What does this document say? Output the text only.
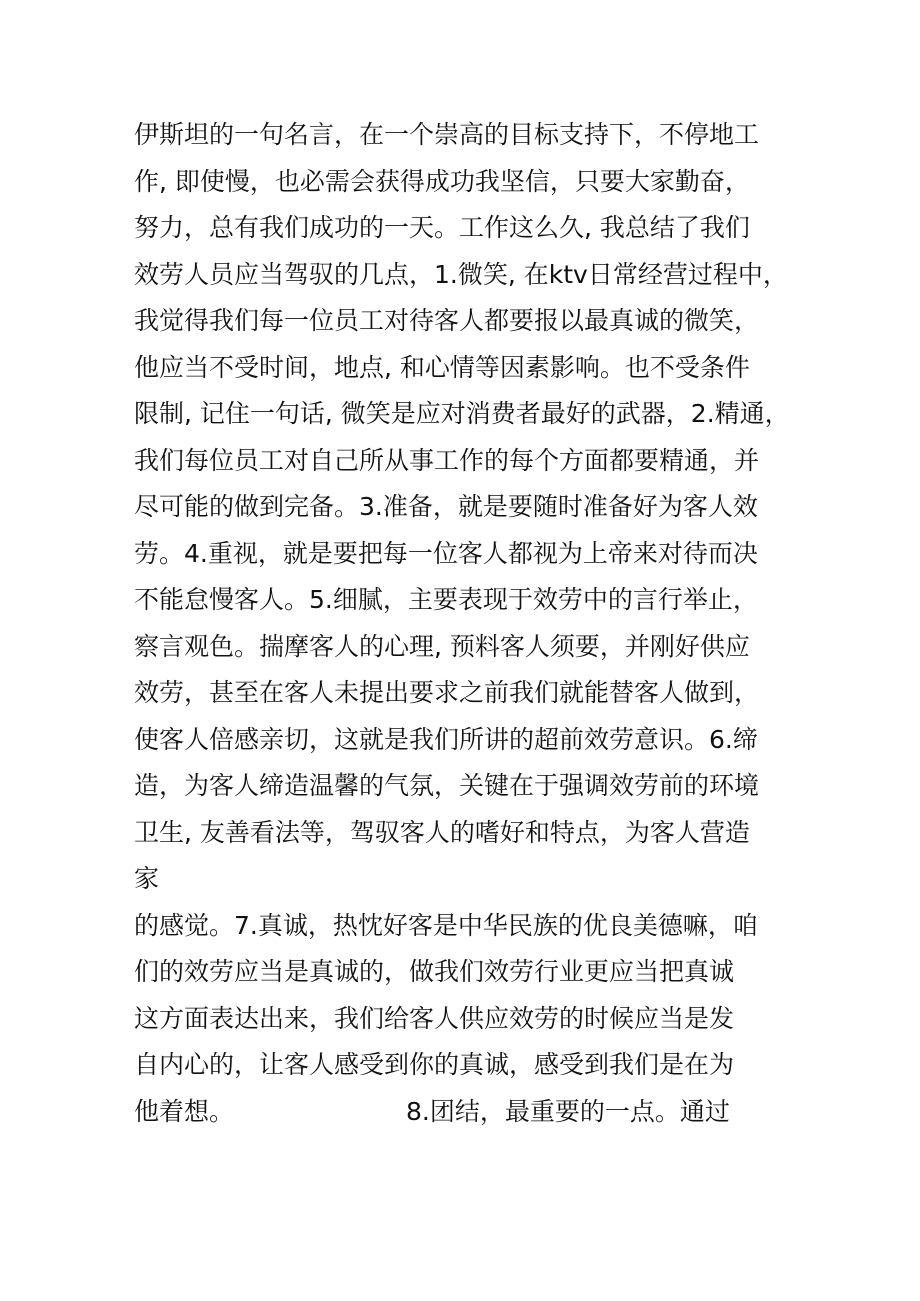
伊斯坦的一句名言，在一个崇高的目标支持下，不停地工
作, 即使慢，也必需会获得成功我坚信，只要大家勤奋，
努力，总有我们成功的一天。工作这么久, 我总结了我们
效劳人员应当驾驭的几点，1.微笑, 在ktv日常经营过程中，
我觉得我们每一位员工对待客人都要报以最真诚的微笑，
他应当不受时间，地点, 和心情等因素影响。也不受条件
限制, 记住一句话, 微笑是应对消费者最好的武器，2.精通，
我们每位员工对自己所从事工作的每个方面都要精通，并
尽可能的做到完备。3.准备，就是要随时准备好为客人效
劳。4.重视，就是要把每一位客人都视为上帝来对待而决
不能怠慢客人。5.细腻，主要表现于效劳中的言行举止，
察言观色。揣摩客人的心理, 预料客人须要，并刚好供应
效劳，甚至在客人未提出要求之前我们就能替客人做到，
使客人倍感亲切，这就是我们所讲的超前效劳意识。6.缔
造，为客人缔造温馨的气氛，关键在于强调效劳前的环境
卫生, 友善看法等，驾驭客人的嗜好和特点，为客人营造
家
的感觉。7.真诚，热忱好客是中华民族的优良美德嘛，咱
们的效劳应当是真诚的，做我们效劳行业更应当把真诚
这方面表达出来，我们给客人供应效劳的时候应当是发
自内心的，让客人感受到你的真诚，感受到我们是在为
他着想。	8.团结，最重要的一点。通过
